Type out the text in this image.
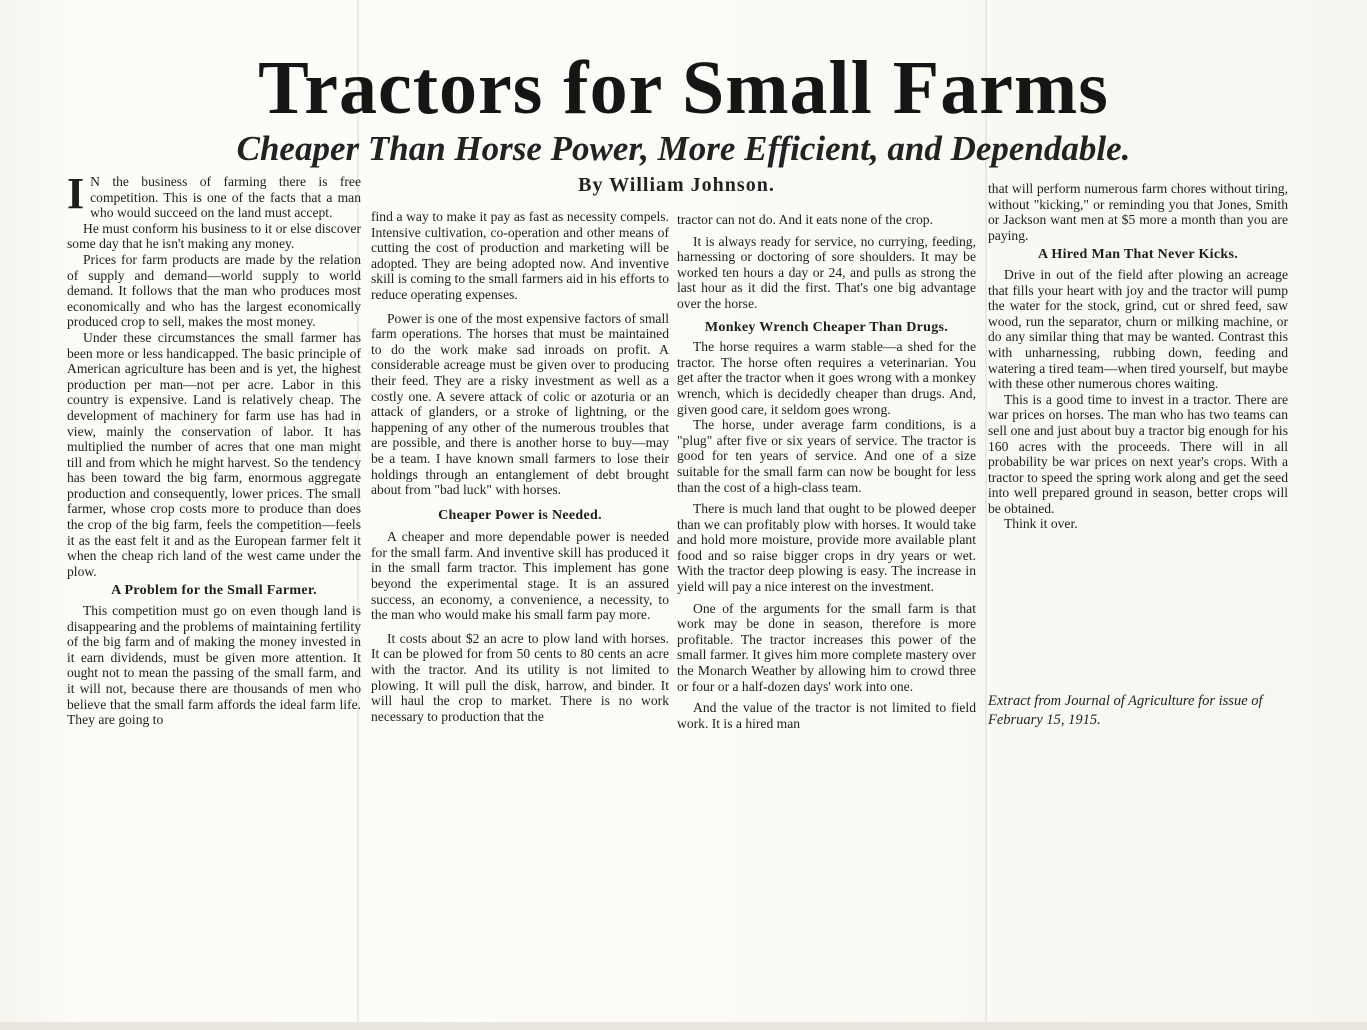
Tractors for Small Farms
Cheaper Than Horse Power, More Efficient, and Dependable.
By William Johnson.

I N the business of farming there is free competition. This is one of the facts that a man who would succeed on the land must accept.

He must conform his business to it or else discover some day that he isn't making any money.

Prices for farm products are made by the relation of supply and demand—world supply to world demand. It follows that the man who produces most economically and who has the largest economically produced crop to sell, makes the most money.

Under these circumstances the small farmer has been more or less handicapped. The basic principle of American agriculture has been and is yet, the highest production per man—not per acre. Labor in this country is expensive. Land is relatively cheap. The development of machinery for farm use has had in view, mainly the conservation of labor. It has multiplied the number of acres that one man might till and from which he might harvest. So the tendency has been toward the big farm, enormous aggregate production and consequently, lower prices. The small farmer, whose crop costs more to produce than does the crop of the big farm, feels the competition—feels it as the east felt it and as the European farmer felt it when the cheap rich land of the west came under the plow.

A Problem for the Small Farmer.

This competition must go on even though land is disappearing and the problems of maintaining fertility of the big farm and of making the money invested in it earn dividends, must be given more attention. It ought not to mean the passing of the small farm, and it will not, because there are thousands of men who believe that the small farm affords the ideal farm life. They are going to

find a way to make it pay as fast as necessity compels. Intensive cultivation, co-operation and other means of cutting the cost of production and marketing will be adopted. They are being adopted now. And inventive skill is coming to the small farmers aid in his efforts to reduce operating expenses.

Power is one of the most expensive factors of small farm operations. The horses that must be maintained to do the work make sad inroads on profit. A considerable acreage must be given over to producing their feed. They are a risky investment as well as a costly one. A severe attack of colic or azoturia or an attack of glanders, or a stroke of lightning, or the happening of any other of the numerous troubles that are possible, and there is another horse to buy—may be a team. I have known small farmers to lose their holdings through an entanglement of debt brought about from "bad luck" with horses.

Cheaper Power is Needed.

A cheaper and more dependable power is needed for the small farm. And inventive skill has produced it in the small farm tractor. This implement has gone beyond the experimental stage. It is an assured success, an economy, a convenience, a necessity, to the man who would make his small farm pay more.

It costs about $2 an acre to plow land with horses. It can be plowed for from 50 cents to 80 cents an acre with the tractor. And its utility is not limited to plowing. It will pull the disk, harrow, and binder. It will haul the crop to market. There is no work necessary to production that the

tractor can not do. And it eats none of the crop.

It is always ready for service, no currying, feeding, harnessing or doctoring of sore shoulders. It may be worked ten hours a day or 24, and pulls as strong the last hour as it did the first. That's one big advantage over the horse.

Monkey Wrench Cheaper Than Drugs.

The horse requires a warm stable—a shed for the tractor. The horse often requires a veterinarian. You get after the tractor when it goes wrong with a monkey wrench, which is decidedly cheaper than drugs. And, given good care, it seldom goes wrong.

The horse, under average farm conditions, is a "plug" after five or six years of service. The tractor is good for ten years of service. And one of a size suitable for the small farm can now be bought for less than the cost of a high-class team.

There is much land that ought to be plowed deeper than we can profitably plow with horses. It would take and hold more moisture, provide more available plant food and so raise bigger crops in dry years or wet. With the tractor deep plowing is easy. The increase in yield will pay a nice interest on the investment.

One of the arguments for the small farm is that work may be done in season, therefore is more profitable. The tractor increases this power of the small farmer. It gives him more complete mastery over the Monarch Weather by allowing him to crowd three or four or a half-dozen days' work into one.

And the value of the tractor is not limited to field work. It is a hired man

that will perform numerous farm chores without tiring, without "kicking," or reminding you that Jones, Smith or Jackson want men at $5 more a month than you are paying.

A Hired Man That Never Kicks.

Drive in out of the field after plowing an acreage that fills your heart with joy and the tractor will pump the water for the stock, grind, cut or shred feed, saw wood, run the separator, churn or milking machine, or do any similar thing that may be wanted. Contrast this with unharnessing, rubbing down, feeding and watering a tired team—when tired yourself, but maybe with these other numerous chores waiting.

This is a good time to invest in a tractor. There are war prices on horses. The man who has two teams can sell one and just about buy a tractor big enough for his 160 acres with the proceeds. There will in all probability be war prices on next year's crops. With a tractor to speed the spring work along and get the seed into well prepared ground in season, better crops will be obtained.

Think it over.

Extract from Journal of Agriculture for issue of February 15, 1915.
